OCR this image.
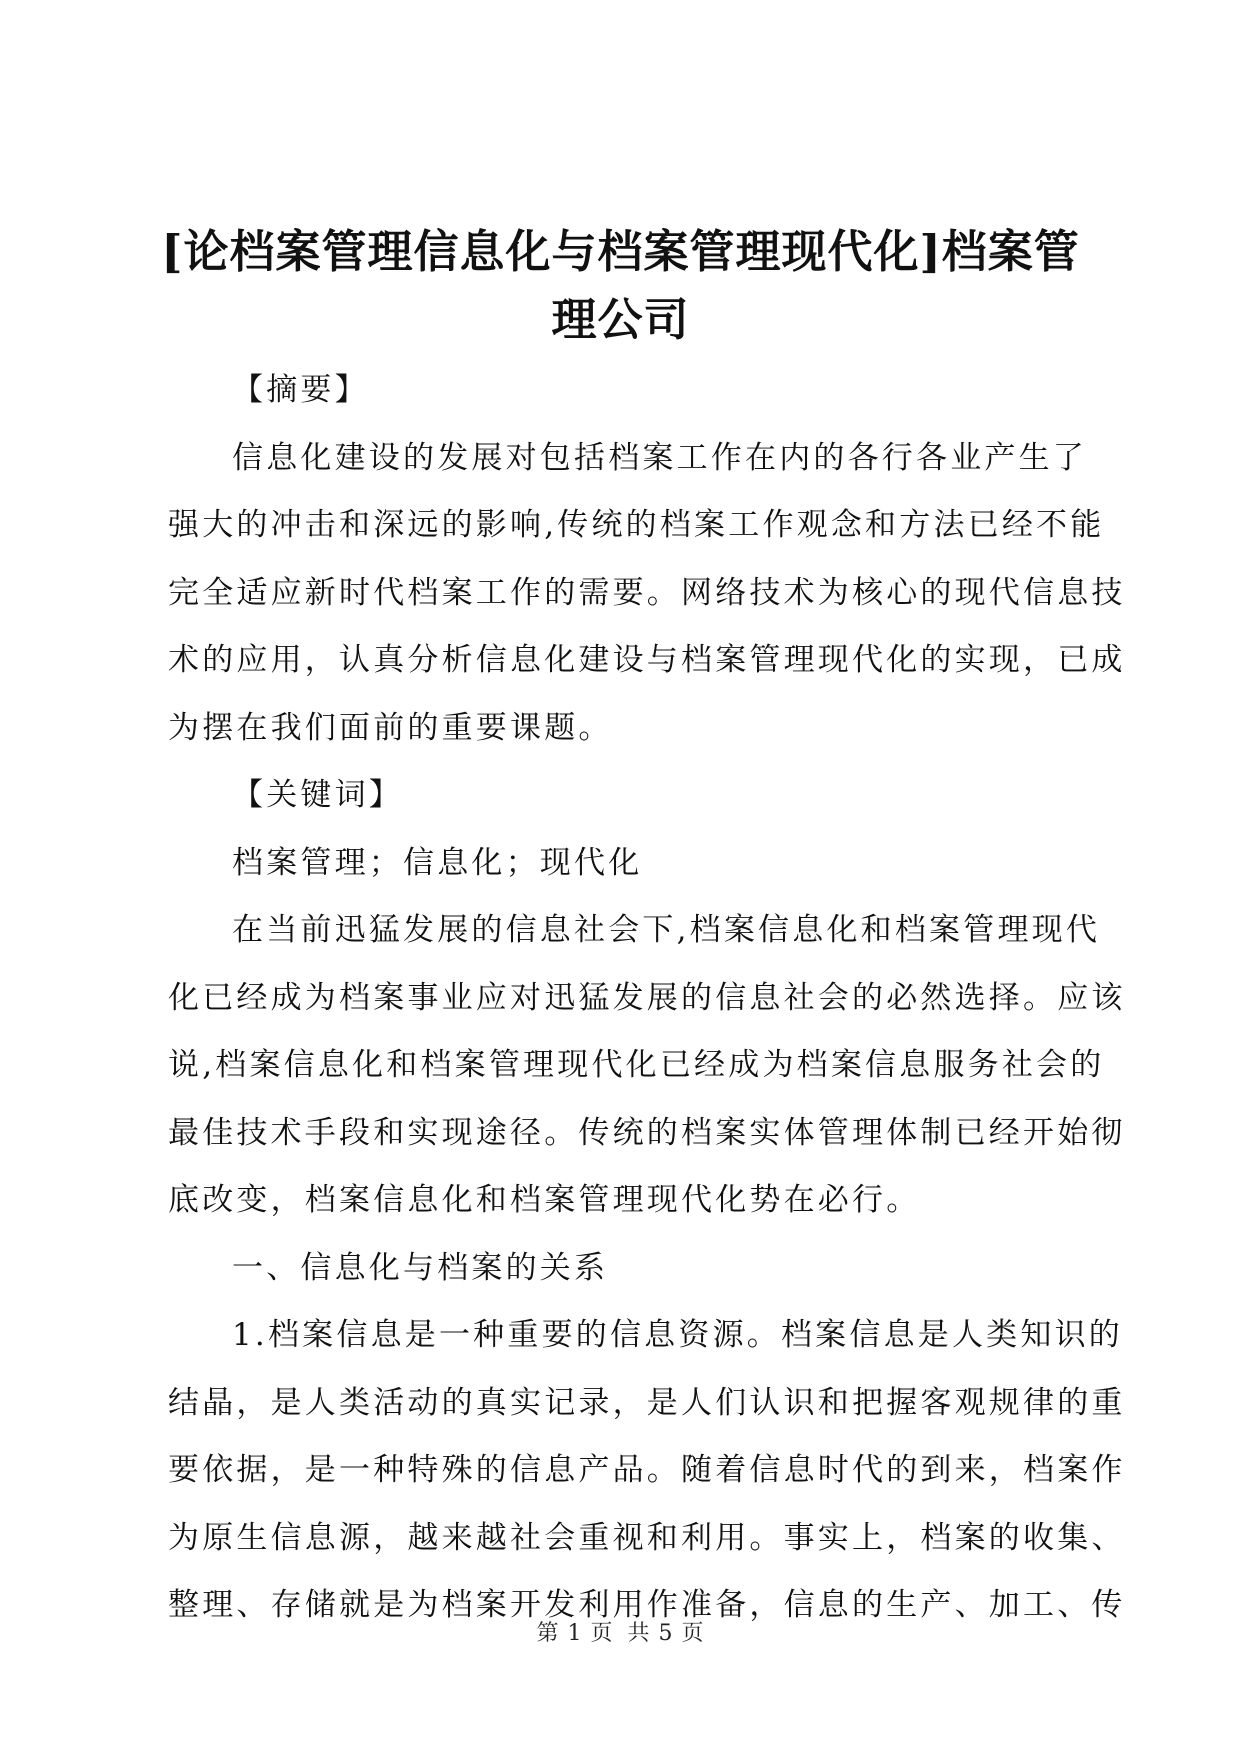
[论档案管理信息化与档案管理现代化]档案管
理公司

【摘要】

信息化建设的发展对包括档案工作在内的各行各业产生了
强大的冲击和深远的影响,传统的档案工作观念和方法已经不能
完全适应新时代档案工作的需要。网络技术为核心的现代信息技
术的应用，认真分析信息化建设与档案管理现代化的实现，已成
为摆在我们面前的重要课题。

【关键词】

档案管理；信息化；现代化

在当前迅猛发展的信息社会下,档案信息化和档案管理现代
化已经成为档案事业应对迅猛发展的信息社会的必然选择。应该
说,档案信息化和档案管理现代化已经成为档案信息服务社会的
最佳技术手段和实现途径。传统的档案实体管理体制已经开始彻
底改变，档案信息化和档案管理现代化势在必行。

一、信息化与档案的关系

1.档案信息是一种重要的信息资源。档案信息是人类知识的
结晶，是人类活动的真实记录，是人们认识和把握客观规律的重
要依据，是一种特殊的信息产品。随着信息时代的到来，档案作
为原生信息源，越来越社会重视和利用。事实上，档案的收集、
整理、存储就是为档案开发利用作准备，信息的生产、加工、传

第 1 页 共 5 页
